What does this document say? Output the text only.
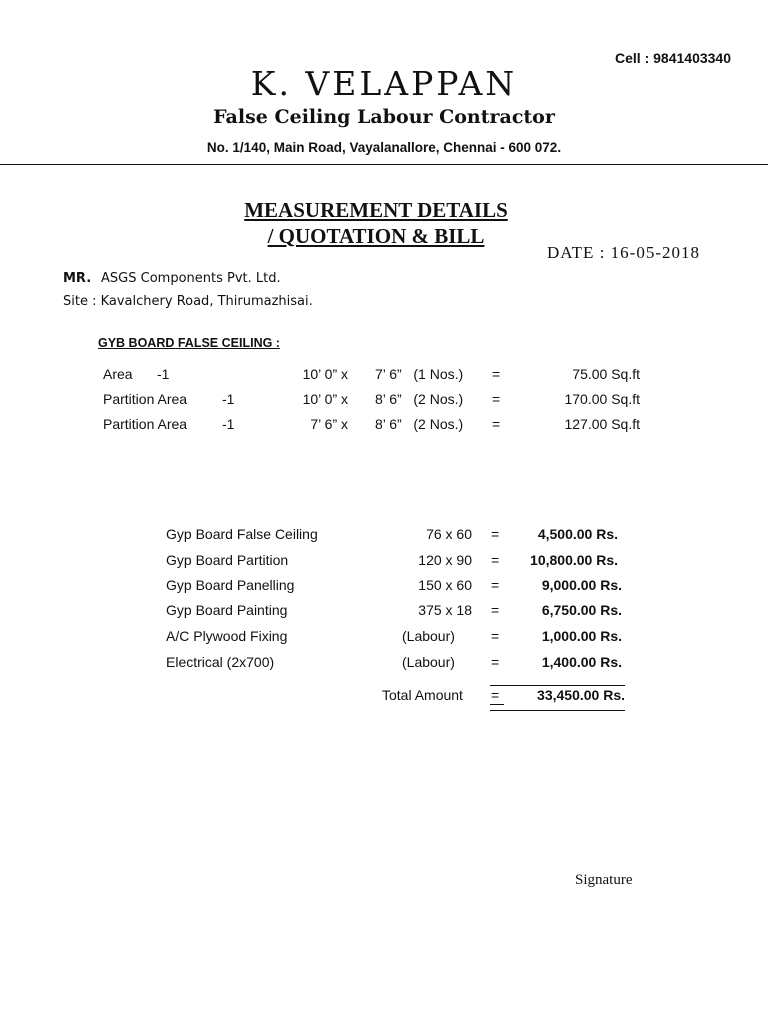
Cell : 9841403340
K. VELAPPAN
False Ceiling Labour Contractor
No. 1/140, Main Road, Vayalanallore, Chennai - 600 072.
MEASUREMENT DETAILS
/ QUOTATION & BILL
DATE : 16-05-2018
MR. ASGS Components Pvt. Ltd.
Site : Kavalchery Road, Thirumazhisai.
GYB BOARD FALSE CEILING :
Area -1	10’ 0” x 7’ 6”   (1 Nos.) =	75.00 Sq.ft
Partition Area -1	10’ 0” x 8’ 6”   (2 Nos.) =	170.00 Sq.ft
Partition Area -1	7’ 6” x 8’ 6”   (2 Nos.) =	127.00 Sq.ft
Gyp Board False Ceiling	76 x 60 =	4,500.00 Rs.
Gyp Board Partition	120 x 90 =	10,800.00 Rs.
Gyp Board Panelling	150 x 60 =	9,000.00 Rs.
Gyp Board Painting	375 x 18 =	6,750.00 Rs.
A/C Plywood Fixing	(Labour)	=	1,000.00 Rs.
Electrical (2x700)	(Labour)	=	1,400.00 Rs.
Total Amount =	33,450.00 Rs.
Signature
